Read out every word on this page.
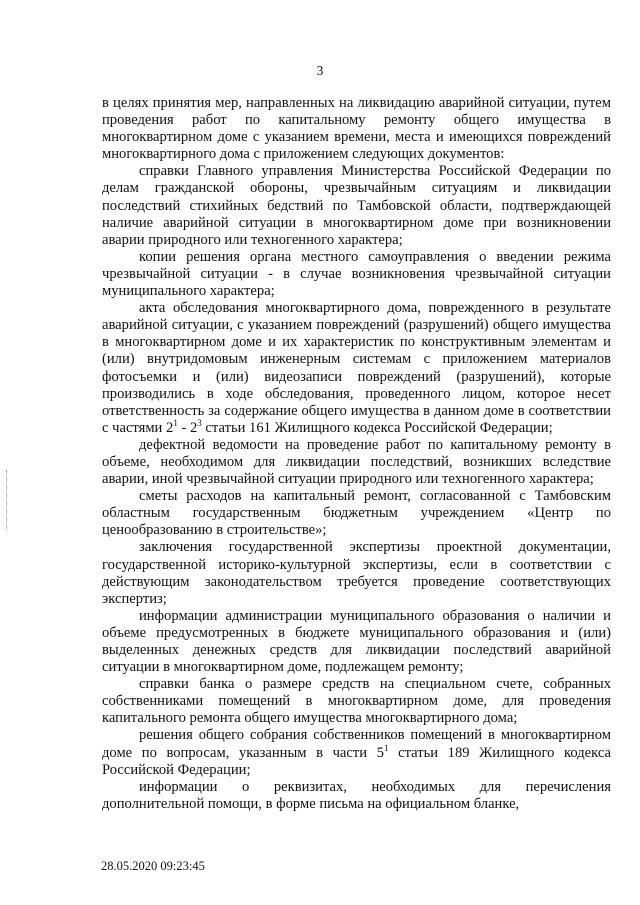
3

в целях принятия мер, направленных на ликвидацию аварийной ситуации, путем проведения работ по капитальному ремонту общего имущества в многоквартирном доме с указанием времени, места и имеющихся повреждений многоквартирного дома с приложением следующих документов:

справки Главного управления Министерства Российской Федерации по делам гражданской обороны, чрезвычайным ситуациям и ликвидации последствий стихийных бедствий по Тамбовской области, подтверждающей наличие аварийной ситуации в многоквартирном доме при возникновении аварии природного или техногенного характера;

копии решения органа местного самоуправления о введении режима чрезвычайной ситуации - в случае возникновения чрезвычайной ситуации муниципального характера;

акта обследования многоквартирного дома, поврежденного в результате аварийной ситуации, с указанием повреждений (разрушений) общего имущества в многоквартирном доме и их характеристик по конструктивным элементам и (или) внутридомовым инженерным системам с приложением материалов фотосъемки и (или) видеозаписи повреждений (разрушений), которые производились в ходе обследования, проведенного лицом, которое несет ответственность за содержание общего имущества в данном доме в соответствии с частями $2^1 - 2^3$ статьи 161 Жилищного кодекса Российской Федерации;

дефектной ведомости на проведение работ по капитальному ремонту в объеме, необходимом для ликвидации последствий, возникших вследствие аварии, иной чрезвычайной ситуации природного или техногенного характера;

сметы расходов на капитальный ремонт, согласованной с Тамбовским областным государственным бюджетным учреждением «Центр по ценообразованию в строительстве»;

заключения государственной экспертизы проектной документации, государственной историко-культурной экспертизы, если в соответствии с действующим законодательством требуется проведение соответствующих экспертиз;

информации администрации муниципального образования о наличии и объеме предусмотренных в бюджете муниципального образования и (или) выделенных денежных средств для ликвидации последствий аварийной ситуации в многоквартирном доме, подлежащем ремонту;

справки банка о размере средств на специальном счете, собранных собственниками помещений в многоквартирном доме, для проведения капитального ремонта общего имущества многоквартирного дома;

решения общего собрания собственников помещений в многоквартирном доме по вопросам, указанным в части $5^1$ статьи 189 Жилищного кодекса Российской Федерации;

информации о реквизитах, необходимых для перечисления дополнительной помощи, в форме письма на официальном бланке,

28.05.2020 09:23:45
